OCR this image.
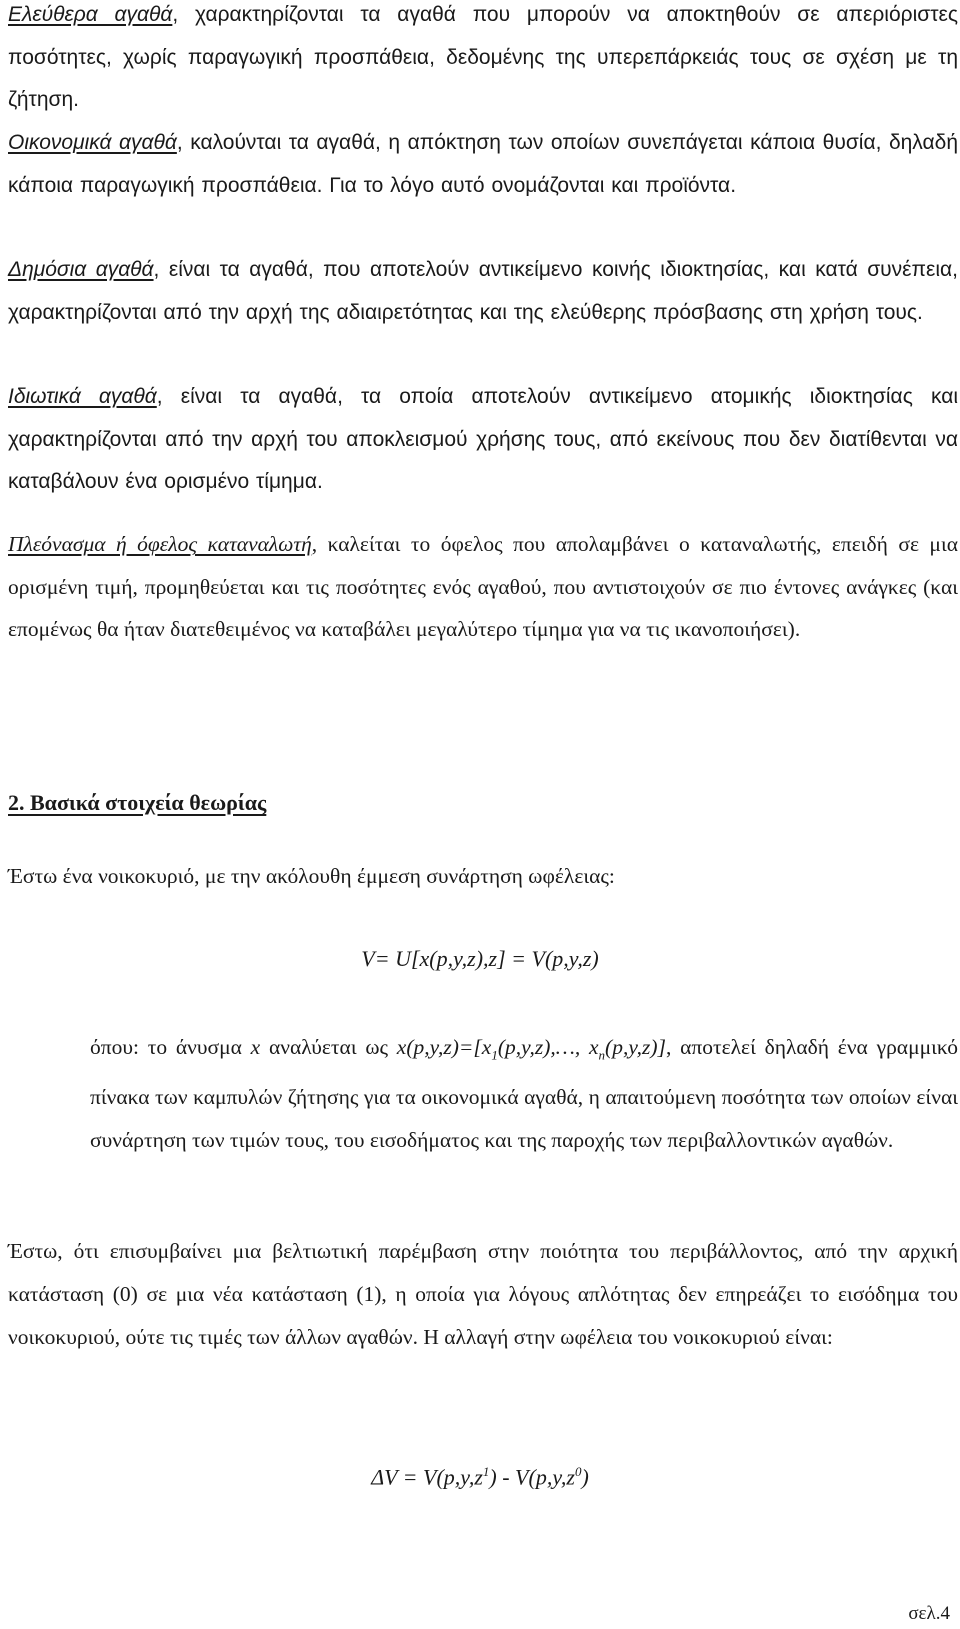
Ελεύθερα αγαθά, χαρακτηρίζονται τα αγαθά που μπορούν να αποκτηθούν σε απεριόριστες ποσότητες, χωρίς παραγωγική προσπάθεια, δεδομένης της υπερεπάρκειάς τους σε σχέση με τη ζήτηση.

Οικονομικά αγαθά, καλούνται τα αγαθά, η απόκτηση των οποίων συνεπάγεται κάποια θυσία, δηλαδή κάποια παραγωγική προσπάθεια. Για το λόγο αυτό ονομάζονται και προϊόντα.

Δημόσια αγαθά, είναι τα αγαθά, που αποτελούν αντικείμενο κοινής ιδιοκτησίας, και κατά συνέπεια, χαρακτηρίζονται από την αρχή της αδιαιρετότητας και της ελεύθερης πρόσβασης στη χρήση τους.

Ιδιωτικά αγαθά, είναι τα αγαθά, τα οποία αποτελούν αντικείμενο ατομικής ιδιοκτησίας και χαρακτηρίζονται από την αρχή του αποκλεισμού χρήσης τους, από εκείνους που δεν διατίθενται να καταβάλουν ένα ορισμένο τίμημα.

Πλεόνασμα ή όφελος καταναλωτή, καλείται το όφελος που απολαμβάνει ο καταναλωτής, επειδή σε μια ορισμένη τιμή, προμηθεύεται και τις ποσότητες ενός αγαθού, που αντιστοιχούν σε πιο έντονες ανάγκες (και επομένως θα ήταν διατεθειμένος να καταβάλει μεγαλύτερο τίμημα για να τις ικανοποιήσει).

2. Βασικά στοιχεία θεωρίας

Έστω ένα νοικοκυριό, με την ακόλουθη έμμεση συνάρτηση ωφέλειας:

V= U[x(p,y,z),z] = V(p,y,z)

όπου: το άνυσμα x αναλύεται ως $x(p,y,z)=[x_1(p,y,z),\dots$, $x_n(p,y,z)$], αποτελεί δηλαδή ένα γραμμικό πίνακα των καμπυλών ζήτησης για τα οικονομικά αγαθά, η απαιτούμενη ποσότητα των οποίων είναι συνάρτηση των τιμών τους, του εισοδήματος και της παροχής των περιβαλλοντικών αγαθών.

Έστω, ότι επισυμβαίνει μια βελτιωτική παρέμβαση στην ποιότητα του περιβάλλοντος, από την αρχική κατάσταση (0) σε μια νέα κατάσταση (1), η οποία για λόγους απλότητας δεν επηρεάζει το εισόδημα του νοικοκυριού, ούτε τις τιμές των άλλων αγαθών. Η αλλαγή στην ωφέλεια του νοικοκυριού είναι:

$\Delta V = V(p,y,z^1) - V(p,y,z^0)$

σελ.4
